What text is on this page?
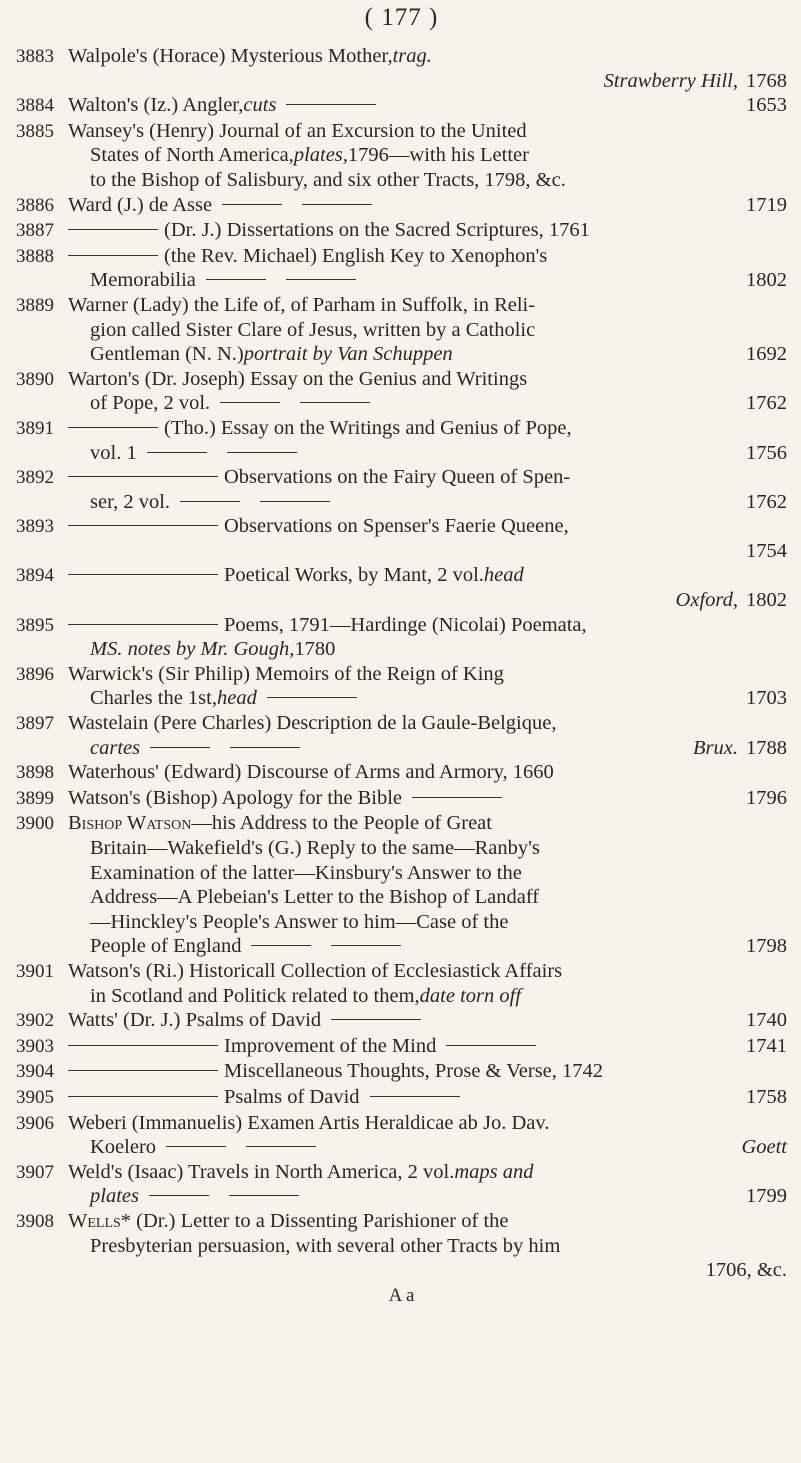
( 177 )
3883 Walpole's (Horace) Mysterious Mother, trag.
Strawberry Hill, 1768
3884 Walton's (Iz.) Angler, cuts	1653
3885 Wansey's (Henry) Journal of an Excursion to the United
States of North America, plates, 1796—with his Letter
to the Bishop of Salisbury, and six other Tracts, 1798, &c.
3886 Ward (J.) de Asse	1719
3887	(Dr. J.) Dissertations on the Sacred Scriptures, 1761
3888	(the Rev. Michael) English Key to Xenophon's
Memorabilia	1802
3889 Warner (Lady) the Life of, of Parham in Suffolk, in Reli-
gion called Sister Clare of Jesus, written by a Catholic
Gentleman (N. N.) portrait by Van Schuppen	1692
3890 Warton's (Dr. Joseph) Essay on the Genius and Writings
of Pope, 2 vol.	1762
3891	(Tho.) Essay on the Writings and Genius of Pope,
vol. 1	1756
3892	Observations on the Fairy Queen of Spen-
ser, 2 vol.	1762
3893	Observations on Spenser's Faerie Queene,
1754
3894	Poetical Works, by Mant, 2 vol. head
Oxford, 1802
3895	Poems, 1791—Hardinge (Nicolai) Poemata,
MS. notes by Mr. Gough, 1780
3896 Warwick's (Sir Philip) Memoirs of the Reign of King
Charles the 1st, head	1703
3897 Wastelain (Pere Charles) Description de la Gaule-Belgique,
cartes	Brux. 1788
3898 Waterhous' (Edward) Discourse of Arms and Armory, 1660
3899 Watson's (Bishop) Apology for the Bible	1796
3900 Bishop Watson —his Address to the People of Great
Britain—Wakefield's (G.) Reply to the same—Ranby's
Examination of the latter—Kinsbury's Answer to the
Address—A Plebeian's Letter to the Bishop of Landaff
—Hinckley's People's Answer to him—Case of the
People of England	1798
3901 Watson's (Ri.) Historicall Collection of Ecclesiastick Affairs
in Scotland and Politick related to them, date torn off
3902 Watts' (Dr. J.) Psalms of David	1740
3903	Improvement of the Mind	1741
3904	Miscellaneous Thoughts, Prose & Verse, 1742
3905	Psalms of David	1758
3906 Weberi (Immanuelis) Examen Artis Heraldicae ab Jo. Dav.
Koelero	Goett
3907 Weld's (Isaac) Travels in North America, 2 vol. maps and
plates	1799
3908 Wells * (Dr.) Letter to a Dissenting Parishioner of the
Presbyterian persuasion, with several other Tracts by him
1706, &c.
A a
